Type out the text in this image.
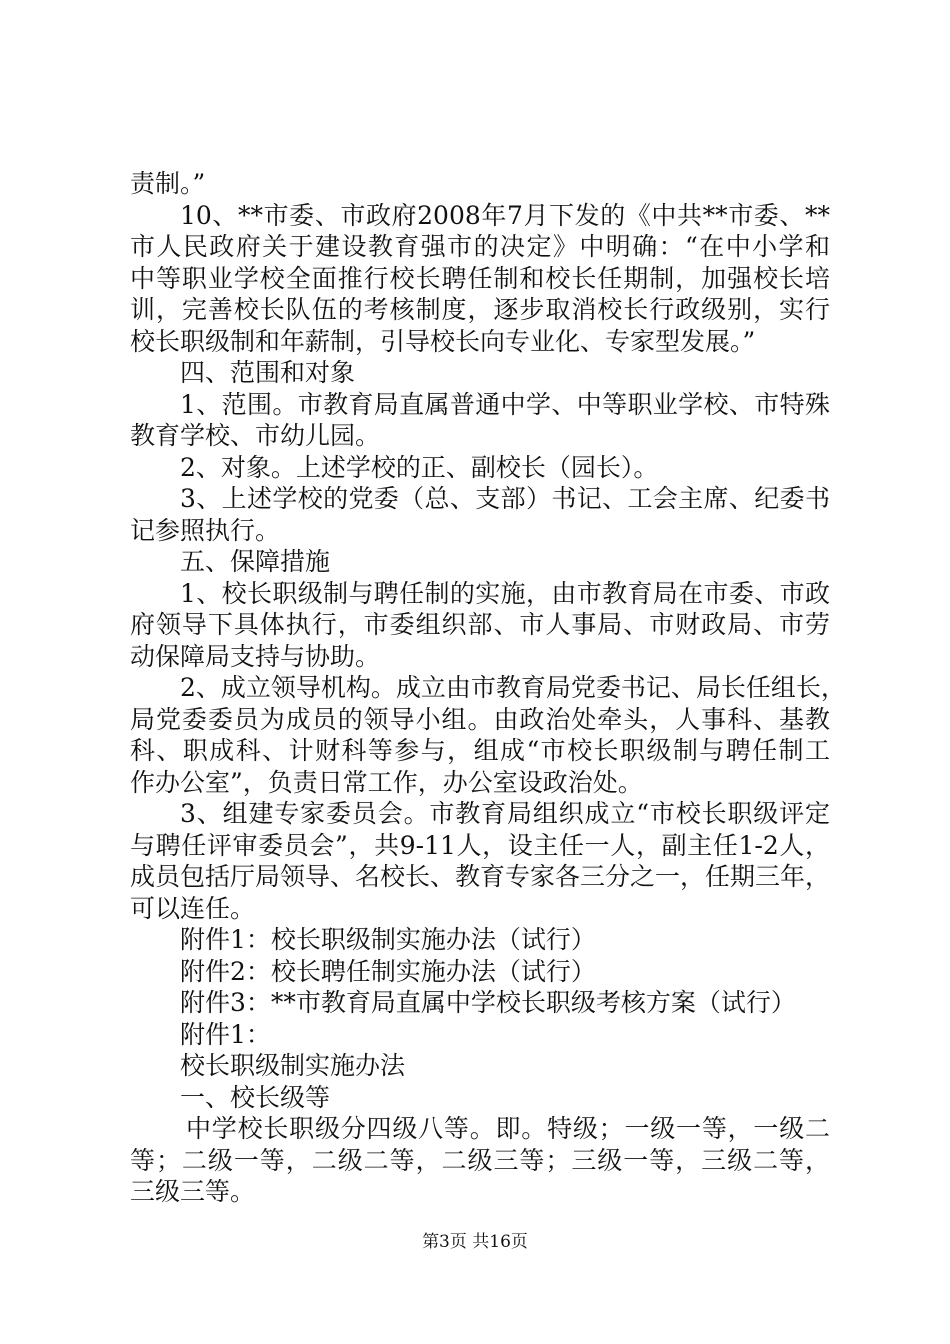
责制。”
10、**市委、市政府2008年7月下发的《中共**市委、**
市人民政府关于建设教育强市的决定》中明确：“在中小学和
中等职业学校全面推行校长聘任制和校长任期制，加强校长培
训，完善校长队伍的考核制度，逐步取消校长行政级别，实行
校长职级制和年薪制，引导校长向专业化、专家型发展。”
四、范围和对象
1、范围。市教育局直属普通中学、中等职业学校、市特殊
教育学校、市幼儿园。
2、对象。上述学校的正、副校长（园长）。
3、上述学校的党委（总、支部）书记、工会主席、纪委书
记参照执行。
五、保障措施
1、校长职级制与聘任制的实施，由市教育局在市委、市政
府领导下具体执行，市委组织部、市人事局、市财政局、市劳
动保障局支持与协助。
2、成立领导机构。成立由市教育局党委书记、局长任组长，
局党委委员为成员的领导小组。由政治处牵头，人事科、基教
科、职成科、计财科等参与，组成“市校长职级制与聘任制工
作办公室”，负责日常工作，办公室设政治处。
3、组建专家委员会。市教育局组织成立“市校长职级评定
与聘任评审委员会”，共9-11人，设主任一人，副主任1-2人，
成员包括厅局领导、名校长、教育专家各三分之一，任期三年，
可以连任。
附件1：校长职级制实施办法（试行）
附件2：校长聘任制实施办法（试行）
附件3：**市教育局直属中学校长职级考核方案（试行）
附件1：
校长职级制实施办法
一、校长级等
中学校长职级分四级八等。即。特级；一级一等，一级二
等；二级一等，二级二等，二级三等；三级一等，三级二等，
三级三等。
第3页 共16页
